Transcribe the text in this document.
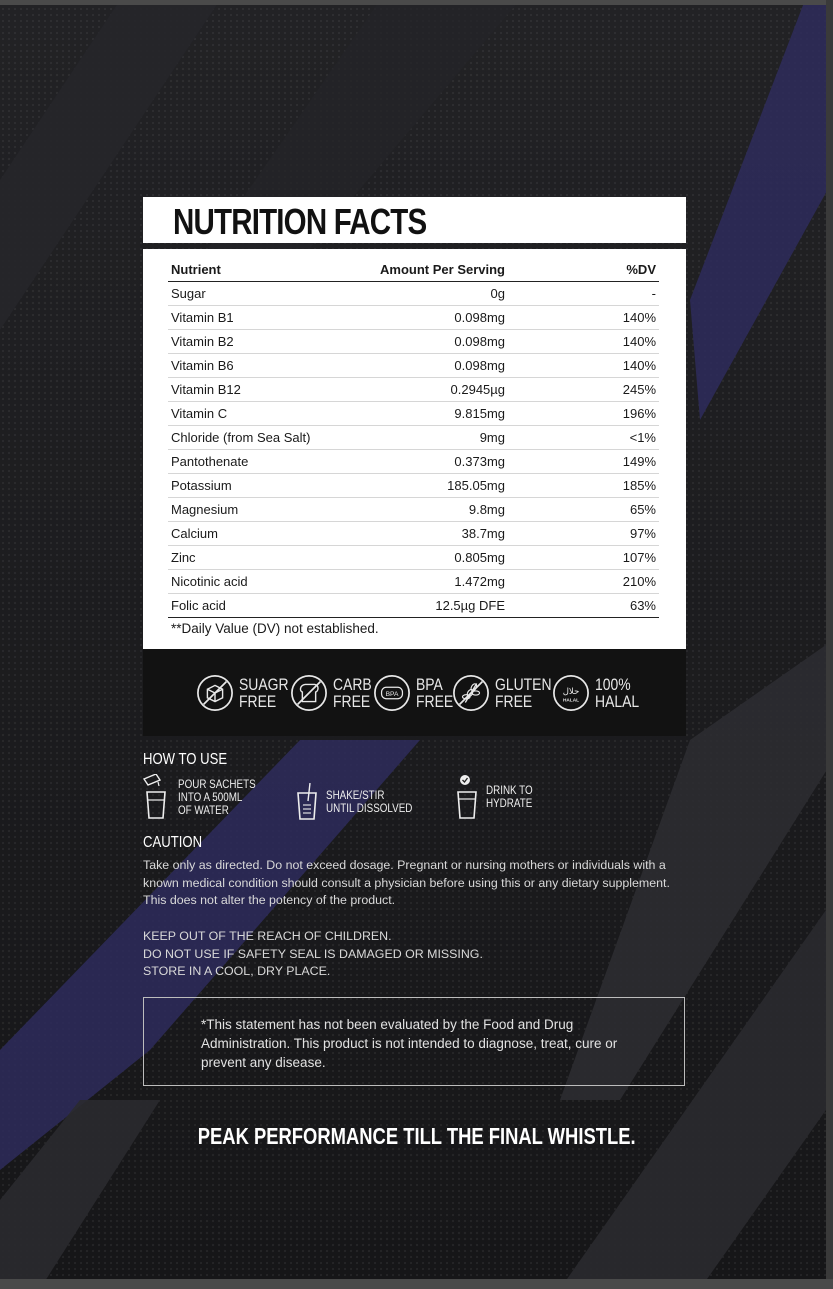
NUTRITION FACTS
Nutrient	Amount Per Serving	%DV
Sugar	0g	-
Vitamin B1	0.098mg	140%
Vitamin B2	0.098mg	140%
Vitamin B6	0.098mg	140%
Vitamin B12	0.2945µg	245%
Vitamin C	9.815mg	196%
Chloride (from Sea Salt)	9mg	<1%
Pantothenate	0.373mg	149%
Potassium	185.05mg	185%
Magnesium	9.8mg	65%
Calcium	38.7mg	97%
Zinc	0.805mg	107%
Nicotinic acid	1.472mg	210%
Folic acid	12.5µg DFE	63%
**Daily Value (DV) not established.
SUAGR
FREE
CARB
FREE BPA
BPA
FREE
GLUTEN
FREE
حلال
HALAL
100%
HALAL
HOW TO USE
POUR SACHETS
INTO A 500ML
OF WATER
SHAKE/STIR
UNTIL DISSOLVED
DRINK TO
HYDRATE
CAUTION
Take only as directed. Do not exceed dosage. Pregnant or nursing mothers or individuals with a known medical condition should consult a physician before using this or any dietary supplement. This does not alter the potency of the product.
KEEP OUT OF THE REACH OF CHILDREN.
DO NOT USE IF SAFETY SEAL IS DAMAGED OR MISSING.
STORE IN A COOL, DRY PLACE.

*This statement has not been evaluated by the Food and Drug Administration. This product is not intended to diagnose, treat, cure or prevent any disease.

PEAK PERFORMANCE TILL THE FINAL WHISTLE.
